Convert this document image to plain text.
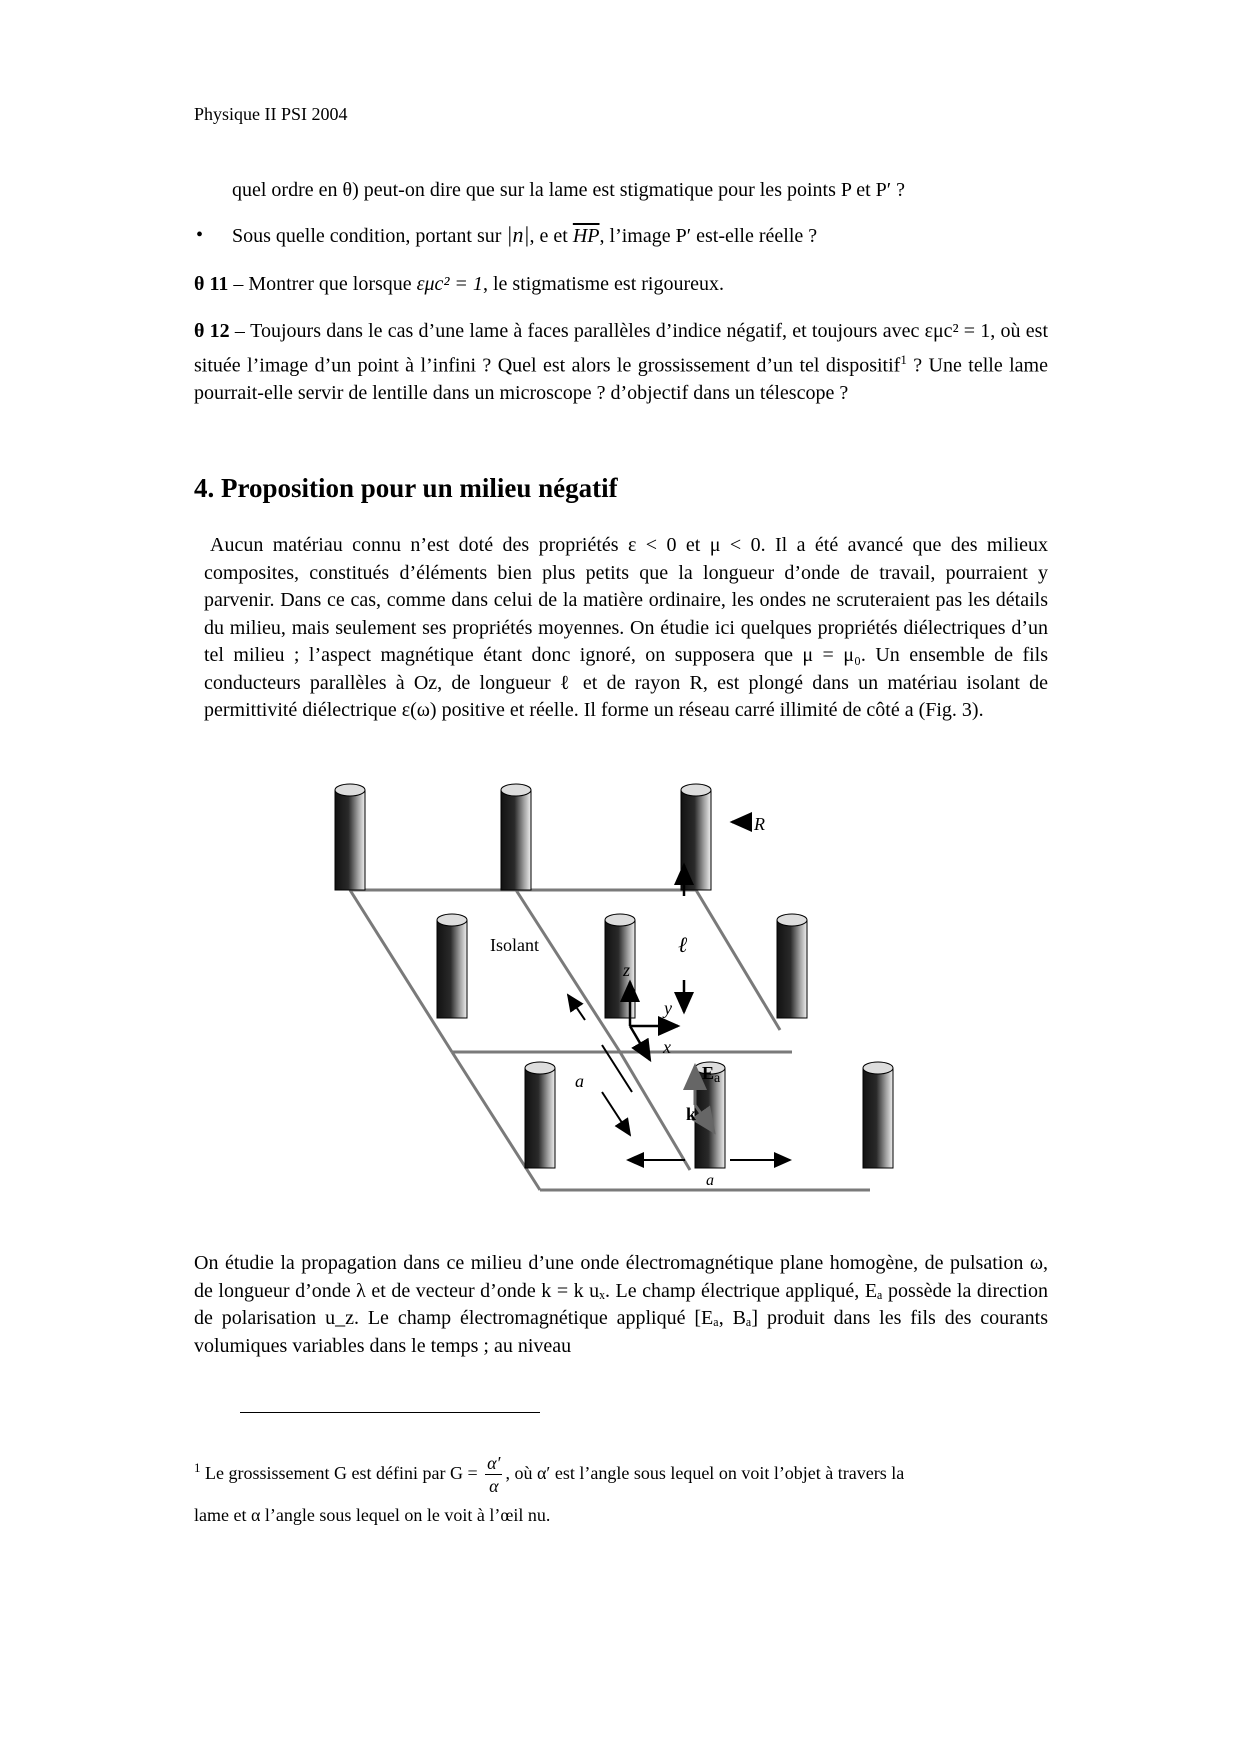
Physique II PSI 2004
quel ordre en θ) peut-on dire que sur la lame est stigmatique pour les points P et P′ ?
• Sous quelle condition, portant sur |n|, e et $\overline{HP}$, l’image P′ est-elle réelle ?
θ 11 – Montrer que lorsque εμc² = 1, le stigmatisme est rigoureux.
θ 12 – Toujours dans le cas d’une lame à faces parallèles d’indice négatif, et toujours avec εμc² = 1, où est située l’image d’un point à l’infini ? Quel est alors le grossissement d’un tel dispositif$^1$ ? Une telle lame pourrait-elle servir de lentille dans un microscope ? d’objectif dans un télescope ?
4. Proposition pour un milieu négatif
Aucun matériau connu n’est doté des propriétés ε < 0 et μ < 0. Il a été avancé que des milieux composites, constitués d’éléments bien plus petits que la longueur d’onde de travail, pourraient y parvenir. Dans ce cas, comme dans celui de la matière ordinaire, les ondes ne scruteraient pas les détails du milieu, mais seulement ses propriétés moyennes. On étudie ici quelques propriétés diélectriques d’un tel milieu ; l’aspect magnétique étant donc ignoré, on supposera que μ = μ₀. Un ensemble de fils conducteurs parallèles à Oz, de longueur ℓ et de rayon R, est plongé dans un matériau isolant de permittivité diélectrique ε(ω) positive et réelle. Il forme un réseau carré illimité de côté a (Fig. 3).
z
y
x
Isolant
a
ℓ
R
Ea
k
a
On étudie la propagation dans ce milieu d’une onde électromagnétique plane homogène, de pulsation ω, de longueur d’onde λ et de vecteur d’onde k = k uₓ. Le champ électrique appliqué, Eₐ possède la direction de polarisation u_z. Le champ électromagnétique appliqué [Eₐ, Bₐ] produit dans les fils des courants volumiques variables dans le temps ; au niveau
$^1$ Le grossissement G est défini par $G = \frac{\alpha'}{\alpha}$ , où α′ est l’angle sous lequel on voit l’objet à travers la
lame et α l’angle sous lequel on le voit à l’œil nu.
